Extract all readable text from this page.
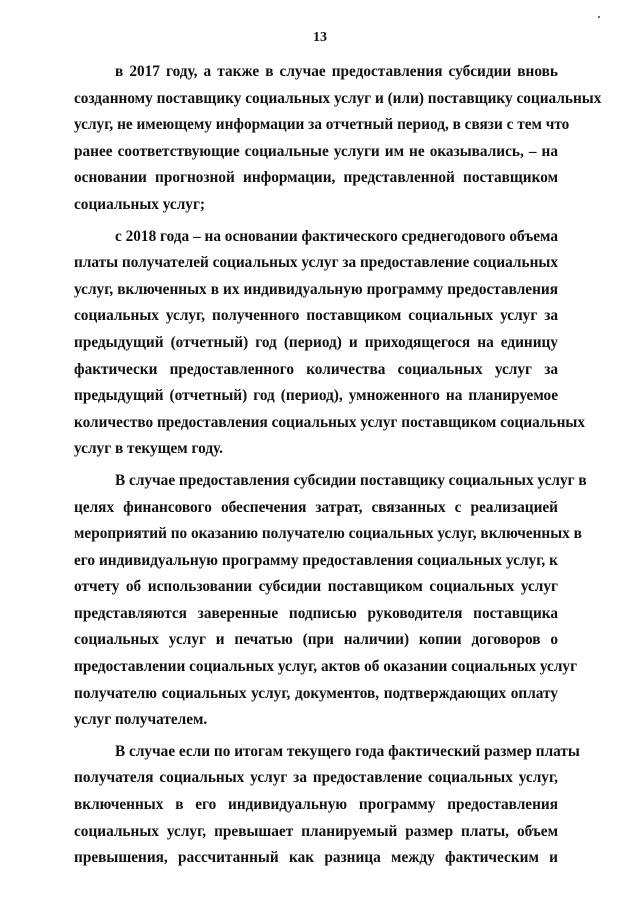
13
в 2017 году, а также в случае предоставления субсидии вновь
созданному поставщику социальных услуг и (или) поставщику социальных
услуг, не имеющему информации за отчетный период, в связи с тем что
ранее соответствующие социальные услуги им не оказывались, – на
основании прогнозной информации, представленной поставщиком
социальных услуг;
с 2018 года – на основании фактического среднегодового объема
платы получателей социальных услуг за предоставление социальных
услуг, включенных в их индивидуальную программу предоставления
социальных услуг, полученного поставщиком социальных услуг за
предыдущий (отчетный) год (период) и приходящегося на единицу
фактически предоставленного количества социальных услуг за
предыдущий (отчетный) год (период), умноженного на планируемое
количество предоставления социальных услуг поставщиком социальных
услуг в текущем году.
В случае предоставления субсидии поставщику социальных услуг в
целях финансового обеспечения затрат, связанных с реализацией
мероприятий по оказанию получателю социальных услуг, включенных в
его индивидуальную программу предоставления социальных услуг, к
отчету об использовании субсидии поставщиком социальных услуг
представляются заверенные подписью руководителя поставщика
социальных услуг и печатью (при наличии) копии договоров о
предоставлении социальных услуг, актов об оказании социальных услуг
получателю социальных услуг, документов, подтверждающих оплату
услуг получателем.
В случае если по итогам текущего года фактический размер платы
получателя социальных услуг за предоставление социальных услуг,
включенных в его индивидуальную программу предоставления
социальных услуг, превышает планируемый размер платы, объем
превышения, рассчитанный как разница между фактическим и
